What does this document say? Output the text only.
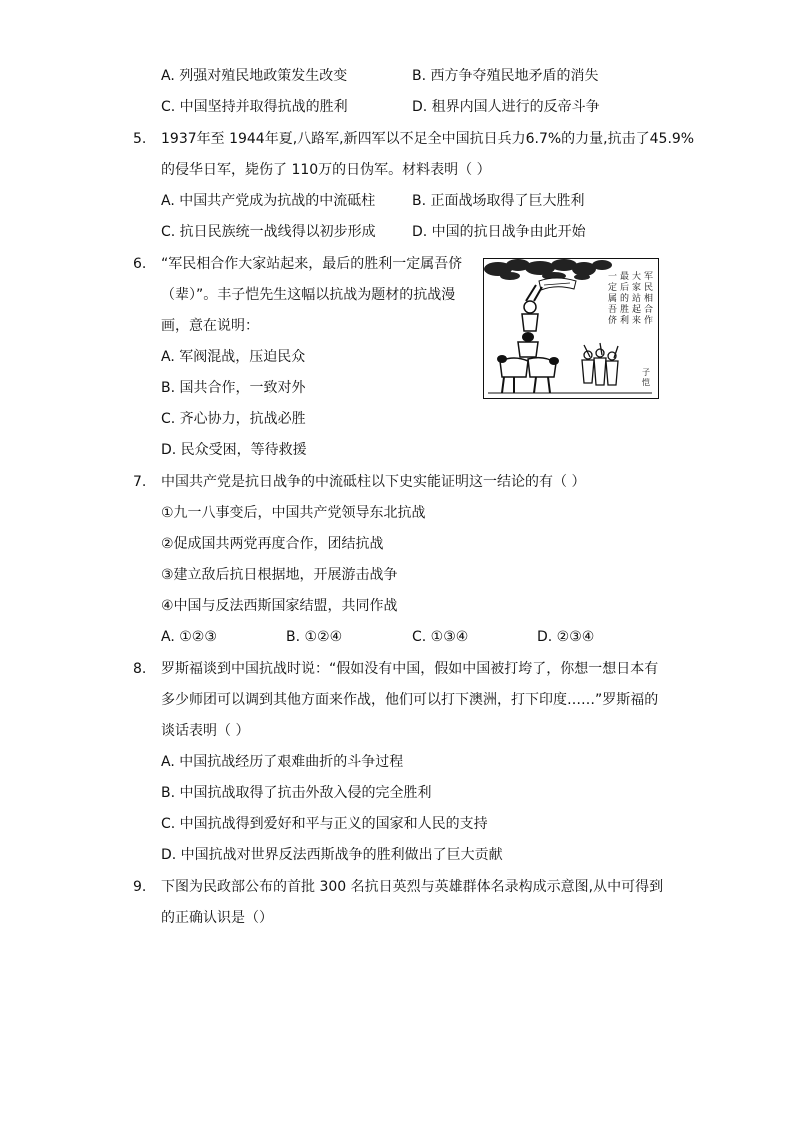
A. 列强对殖民地政策发生改变	B. 西方争夺殖民地矛盾的消失
C. 中国坚持并取得抗战的胜利	D. 租界内国人进行的反帝斗争
5. 1937年至 1944年夏,八路军,新四军以不足全中国抗日兵力6.7%的力量,抗击了45.9%
的侵华日军，毙伤了 110万的日伪军。材料表明（ ）
A. 中国共产党成为抗战的中流砥柱	B. 正面战场取得了巨大胜利
C. 抗日民族统一战线得以初步形成	D. 中国的抗日战争由此开始
6. “军民相合作大家站起来，最后的胜利一定属吾侪
（辈）”。丰子恺先生这幅以抗战为题材的抗战漫
画，意在说明：
A. 军阀混战，压迫民众
B. 国共合作，一致对外
C. 齐心协力，抗战必胜
D. 民众受困，等待救援
军
民
相
合
作
大
家
站
起
来
最
后
的
胜
利
一
定
属
吾
侪
子
恺
7. 中国共产党是抗日战争的中流砥柱以下史实能证明这一结论的有（ ）
①九一八事变后，中国共产党领导东北抗战
②促成国共两党再度合作，团结抗战
③建立敌后抗日根据地，开展游击战争
④中国与反法西斯国家结盟，共同作战
A. ①②③	B. ①②④	C. ①③④	D. ②③④
8. 罗斯福谈到中国抗战时说：“假如没有中国，假如中国被打垮了，你想一想日本有
多少师团可以调到其他方面来作战，他们可以打下澳洲，打下印度……”罗斯福的
谈话表明（ ）
A. 中国抗战经历了艰难曲折的斗争过程
B. 中国抗战取得了抗击外敌入侵的完全胜利
C. 中国抗战得到爱好和平与正义的国家和人民的支持
D. 中国抗战对世界反法西斯战争的胜利做出了巨大贡献
9. 下图为民政部公布的首批 300 名抗日英烈与英雄群体名录构成示意图,从中可得到
的正确认识是（）
